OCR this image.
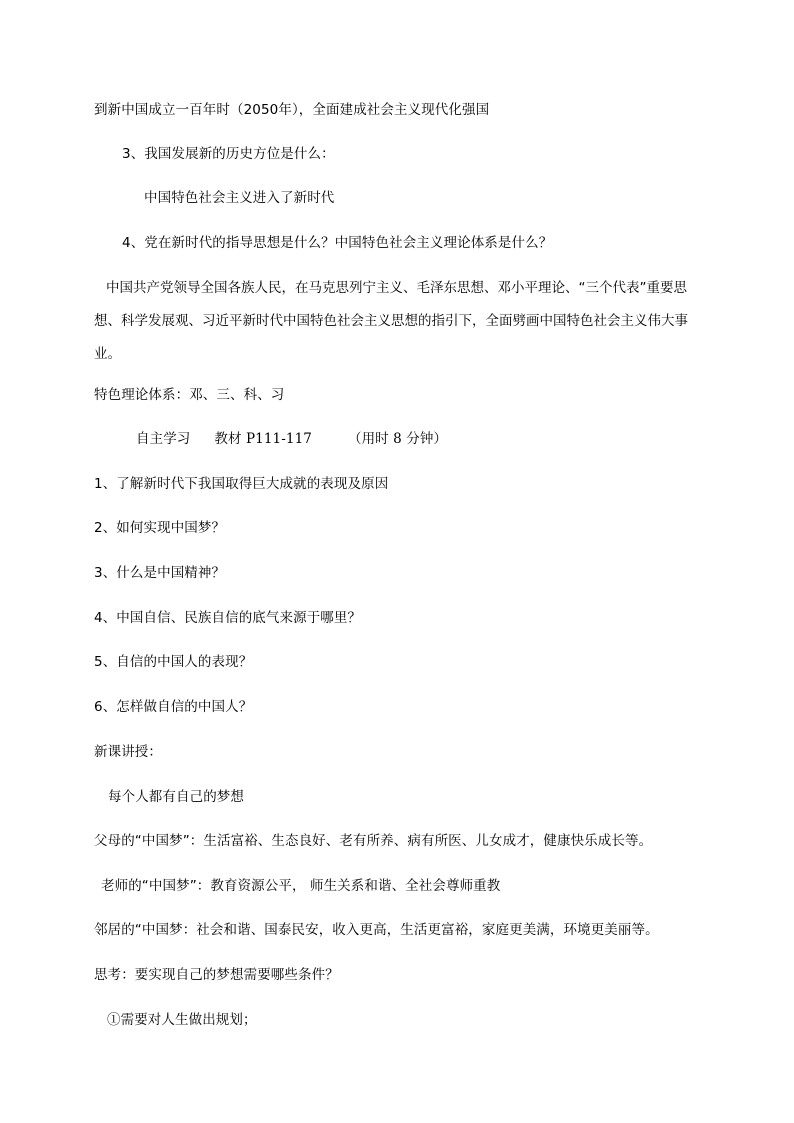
到新中国成立一百年时（2050年），全面建成社会主义现代化强国
3、我国发展新的历史方位是什么：
中国特色社会主义进入了新时代
4、党在新时代的指导思想是什么？中国特色社会主义理论体系是什么？
中国共产党领导全国各族人民，在马克思列宁主义、毛泽东思想、邓小平理论、“三个代表”重要思想、科学发展观、习近平新时代中国特色社会主义思想的指引下，全面劈画中国特色社会主义伟大事业。
特色理论体系：邓、三、科、习
自主学习 教材 P111-117	（用时 8 分钟）
1、了解新时代下我国取得巨大成就的表现及原因
2、如何实现中国梦？
3、什么是中国精神？
4、中国自信、民族自信的底气来源于哪里？
5、自信的中国人的表现？
6、怎样做自信的中国人？
新课讲授：
每个人都有自己的梦想
父母的“中国梦”：生活富裕、生态良好、老有所养、病有所医、儿女成才，健康快乐成长等。
老师的“中国梦”：教育资源公平， 师生关系和谐、全社会尊师重教
邻居的“中国梦：社会和谐、国泰民安，收入更高，生活更富裕，家庭更美满，环境更美丽等。
思考：要实现自己的梦想需要哪些条件？
①需要对人生做出规划；
